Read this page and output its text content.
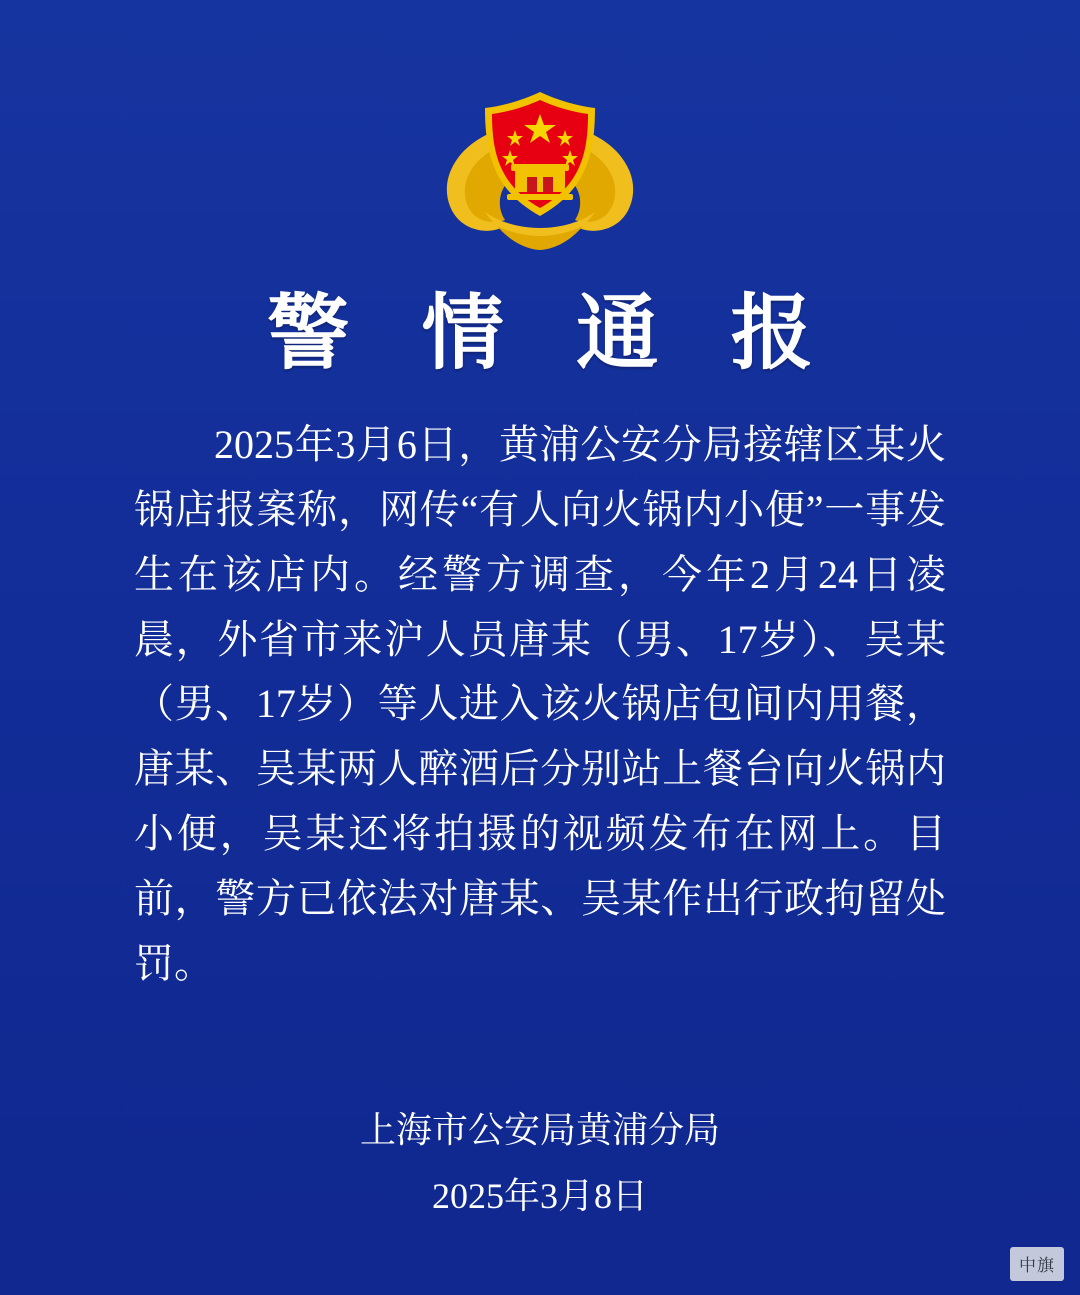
警 情 通 报
2025年3月6日，黄浦公安分局接辖区某火锅店报案称，网传“有人向火锅内小便”一事发生在该店内。经警方调查，今年2月24日凌晨，外省市来沪人员唐某（男、17岁）、吴某（男、17岁）等人进入该火锅店包间内用餐，唐某、吴某两人醉酒后分别站上餐台向火锅内小便，吴某还将拍摄的视频发布在网上。目前，警方已依法对唐某、吴某作出行政拘留处罚。
上海市公安局黄浦分局
2025年3月8日
中旗
